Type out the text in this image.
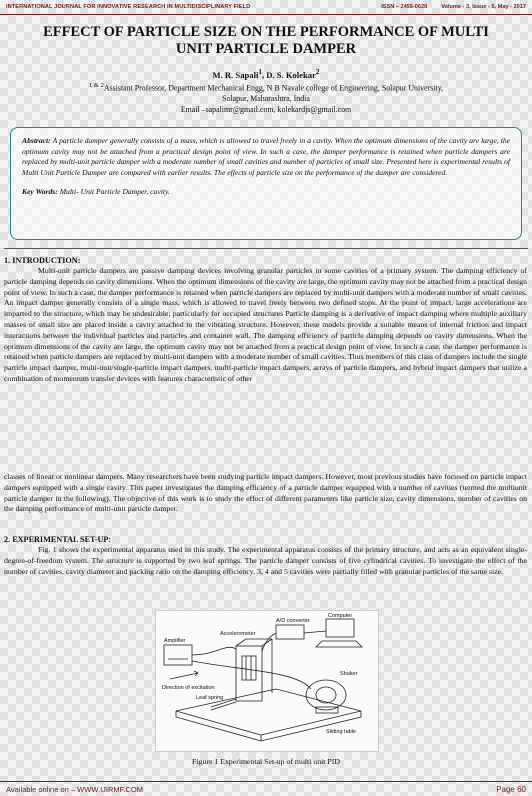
INTERNATIONAL JOURNAL FOR INNOVATIVE RESEARCH IN MULTIDISCIPLINARY FIELD	ISSN – 2455-0620	Volume - 3, Issue - 5, May - 2017
EFFECT OF PARTICLE SIZE ON THE PERFORMANCE OF MULTI
UNIT PARTICLE DAMPER
M. R. Sapali$^1$, D. S. Kolekar$^2$
$^{1 \& 2}$Assistant Professor, Department Mechanical Engg, N B Navale college of Engineering, Solapur University,
Solapur, Maharashtra, India
Email –sapalimr@gmail.com, kolekardjs@gmail.com
Abstract: A particle damper generally consists of a mass, which is allowed to travel freely in a cavity. When the optimum dimensions of the cavity are large, the optimum cavity may not be attached from a practical design point of view. In such a case, the damper performance is retained when particle dampers are replaced by multi-unit particle damper with a moderate number of small cavities and number of particles of small size. Presented here is experimental results of Multi Unit Particle Damper are compared with earlier results. The effects of particle size on the performance of the damper are considered.
Key Words: Multi- Unit Particle Damper, cavity.
1. INTRODUCTION:

Multi-unit particle dampers are passive damping devices involving granular particles in some cavities of a primary system. The damping efficiency of particle damping depends on cavity dimensions. When the optimum dimensions of the cavity are large, the optimum cavity may not be attached from a practical design point of view. In such a case, the damper performance is retained when particle dampers are replaced by multi-unit dampers with a moderate number of small cavities. An impact damper generally consists of a single mass, which is allowed to travel freely between two defined stops. At the point of impact, large accelerations are imparted to the structure, which may be undesirable; particularly for occupied structures Particle damping is a derivative of impact damping where multiple auxiliary masses of small size are placed inside a cavity attached to the vibrating structure. However, these models provide a suitable means of internal friction and impact interactions between the individual particles and particles and container wall. The damping efficiency of particle damping depends on cavity dimensions. When the optimum dimensions of the cavity are large, the optimum cavity may not be attached from a practical design point of view. In such a case, the damper performance is retained when particle dampers are replaced by multi-unit dampers with a moderate number of small cavities. Thus members of this class of dampers include the single particle impact damper, multi-unit/single-particle impact dampers, multi-particle impact dampers, arrays of particle dampers, and hybrid impact dampers that utilize a combination of momentum transfer devices with features characteristic of other

classes of linear or nonlinear dampers. Many researchers have been studying particle impact dampers. However, most previous studies have focused on particle impact dampers equipped with a single cavity. This paper investigates the damping efficiency of a particle damper equipped with a number of cavities (termed the multiunit particle damper in the following). The objective of this work is to study the effect of different parameters like particle size, cavity dimensions, number of cavities on the damping performance of multi-unit particle damper.

2. EXPERIMENTAL SET-UP:

Fig. 1 shows the experimental apparatus used in this study. The experimental apparatus consists of the primary structure, and acts as an equivalent single-degree-of-freedom system. The structure is supported by two leaf springs. The particle damper consists of five cylindrical cavities. To investigate the effect of the number of cavities, cavity diameter and packing ratio on the damping efficiency, 3, 4 and 5 cavities were partially filled with granular particles of the same size.

Computer
A/D converter
Amplifier
Accelerometer
Direction of excitation
Shaker
Leaf spring
Sliding table
Figure 1 Experimental Set-up of multi unit PID
Available online on – WWW.IJIRMF.COM	Page 60
